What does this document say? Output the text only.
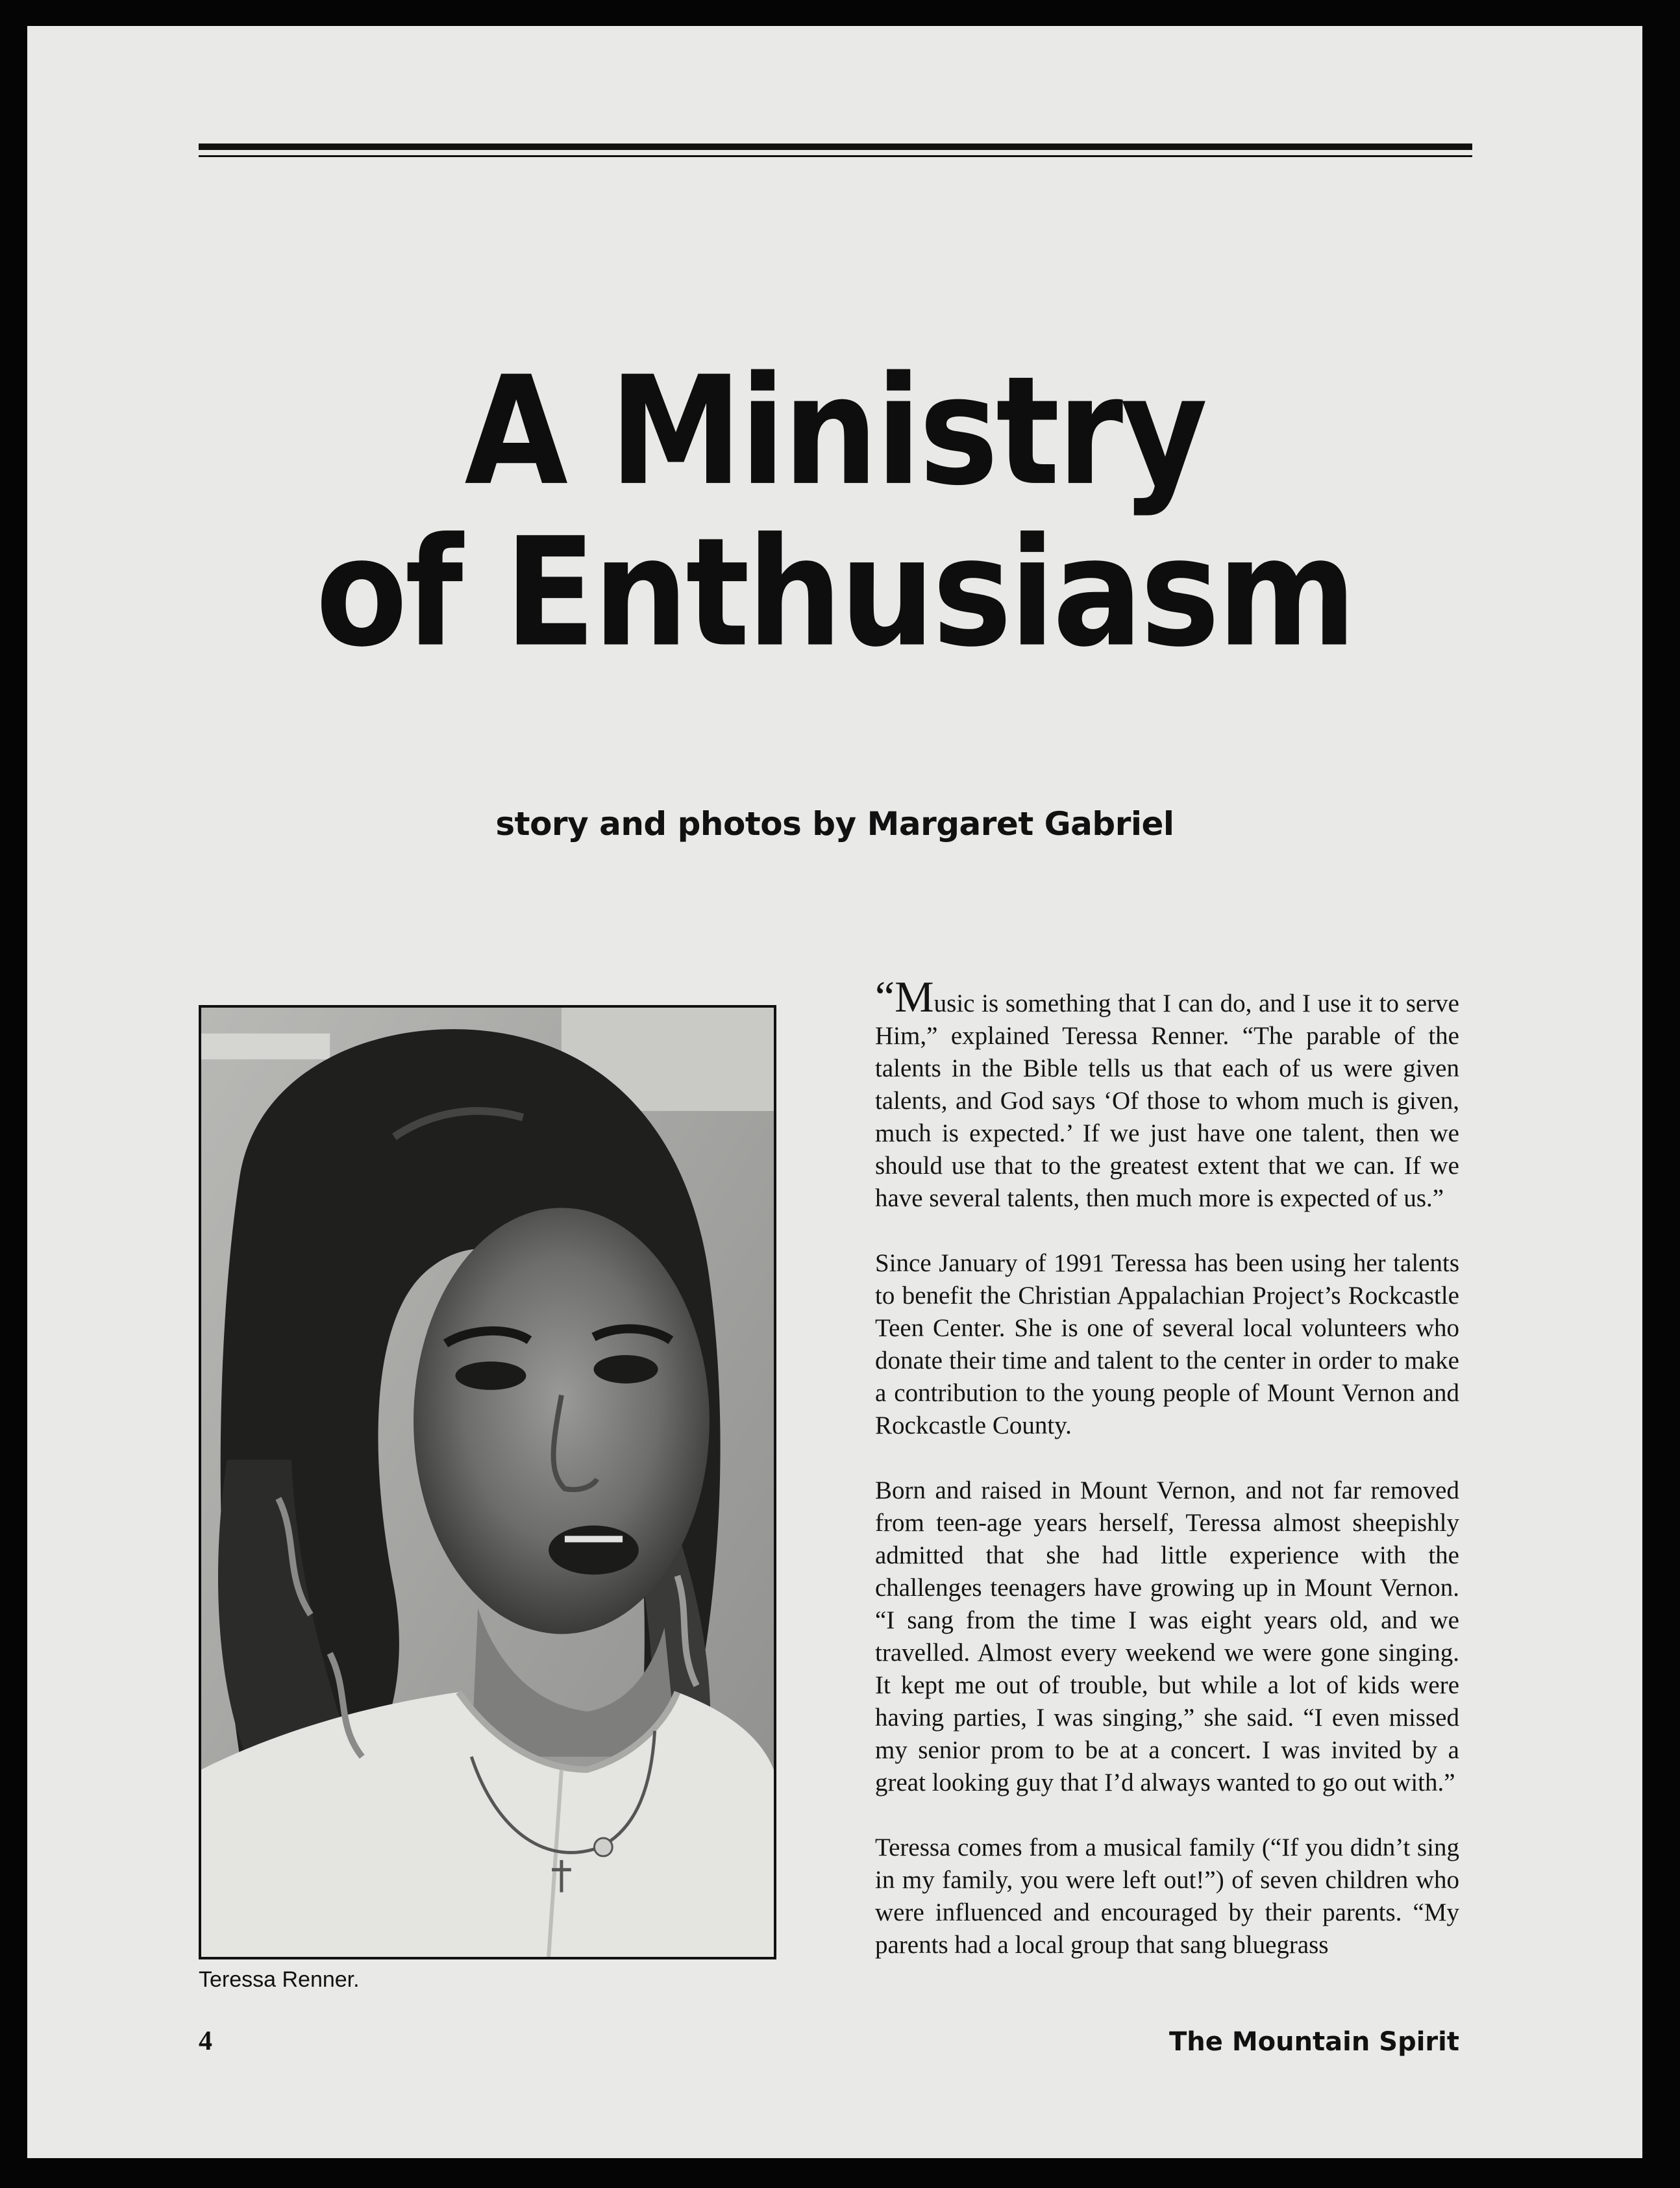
A Ministry
of Enthusiasm
story and photos by Margaret Gabriel
Teressa Renner.

“Music is something that I can do, and I use it to serve Him,” explained Teressa Renner. “The parable of the talents in the Bible tells us that each of us were given talents, and God says ‘Of those to whom much is given, much is expected.’ If we just have one talent, then we should use that to the greatest extent that we can. If we have several talents, then much more is expected of us.”

Since January of 1991 Teressa has been using her talents to benefit the Christian Appalachian Project’s Rockcastle Teen Center. She is one of several local volunteers who donate their time and talent to the center in order to make a contribution to the young people of Mount Vernon and Rockcastle County.

Born and raised in Mount Vernon, and not far removed from teen-age years herself, Teressa almost sheepishly admitted that she had little experience with the challenges teenagers have growing up in Mount Vernon. “I sang from the time I was eight years old, and we travelled. Almost every weekend we were gone singing. It kept me out of trouble, but while a lot of kids were having parties, I was singing,” she said. “I even missed my senior prom to be at a concert. I was invited by a great looking guy that I’d always wanted to go out with.”

Teressa comes from a musical family (“If you didn’t sing in my family, you were left out!”) of seven children who were influenced and encouraged by their parents. “My parents had a local group that sang bluegrass

4	The Mountain Spirit
